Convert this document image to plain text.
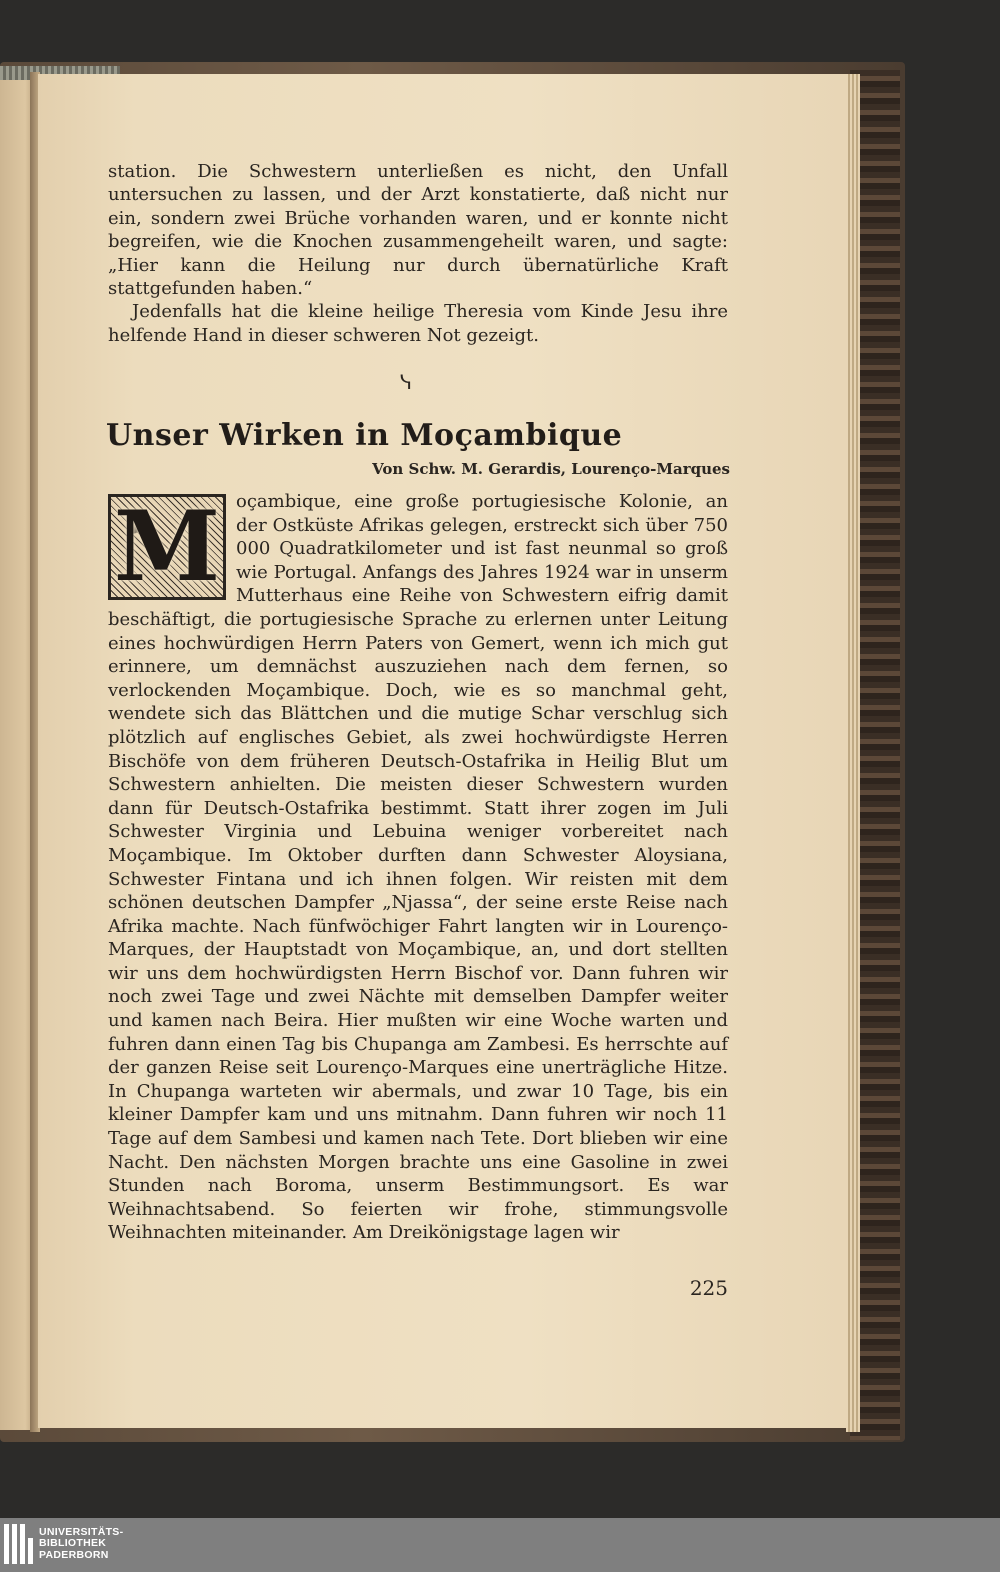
station. Die Schwestern unterließen es nicht, den Unfall untersuchen zu lassen, und der Arzt konstatierte, daß nicht nur ein, sondern zwei Brüche vorhanden waren, und er konnte nicht begreifen, wie die Knochen zusammengeheilt waren, und sagte: „Hier kann die Heilung nur durch übernatürliche Kraft stattgefunden haben.“

Jedenfalls hat die kleine heilige Theresia vom Kinde Jesu ihre helfende Hand in dieser schweren Not gezeigt.

ᓭ
Unser Wirken in Moçambique
Von Schw. M. Gerardis, Lourenço-Marques
M oçambique, eine große portugiesische Kolonie, an der Ostküste Afrikas gelegen, erstreckt sich über 750 000 Quadratkilometer und ist fast neunmal so groß wie Portugal. Anfangs des Jahres 1924 war in unserm Mutterhaus eine Reihe von Schwestern eifrig damit beschäftigt, die portugiesische Sprache zu erlernen unter Leitung eines hochwürdigen Herrn Paters von Gemert, wenn ich mich gut erinnere, um demnächst auszuziehen nach dem fernen, so verlockenden Moçambique. Doch, wie es so manchmal geht, wendete sich das Blättchen und die mutige Schar verschlug sich plötzlich auf englisches Gebiet, als zwei hochwürdigste Herren Bischöfe von dem früheren Deutsch-Ostafrika in Heilig Blut um Schwestern anhielten. Die meisten dieser Schwestern wurden dann für Deutsch-Ostafrika bestimmt. Statt ihrer zogen im Juli Schwester Virginia und Lebuina weniger vorbereitet nach Moçambique. Im Oktober durften dann Schwester Aloysiana, Schwester Fintana und ich ihnen folgen. Wir reisten mit dem schönen deutschen Dampfer „Njassa“, der seine erste Reise nach Afrika machte. Nach fünfwöchiger Fahrt langten wir in Lourenço-Marques, der Hauptstadt von Moçambique, an, und dort stellten wir uns dem hochwürdigsten Herrn Bischof vor. Dann fuhren wir noch zwei Tage und zwei Nächte mit demselben Dampfer weiter und kamen nach Beira. Hier mußten wir eine Woche warten und fuhren dann einen Tag bis Chupanga am Zambesi. Es herrschte auf der ganzen Reise seit Lourenço-Marques eine unerträgliche Hitze. In Chupanga warteten wir abermals, und zwar 10 Tage, bis ein kleiner Dampfer kam und uns mitnahm. Dann fuhren wir noch 11 Tage auf dem Sambesi und kamen nach Tete. Dort blieben wir eine Nacht. Den nächsten Morgen brachte uns eine Gasoline in zwei Stunden nach Boroma, unserm Bestimmungsort. Es war Weihnachtsabend. So feierten wir frohe, stimmungsvolle Weihnachten miteinander. Am Dreikönigstage lagen wir
225
UNIVERSITÄTS-
BIBLIOTHEK
PADERBORN
